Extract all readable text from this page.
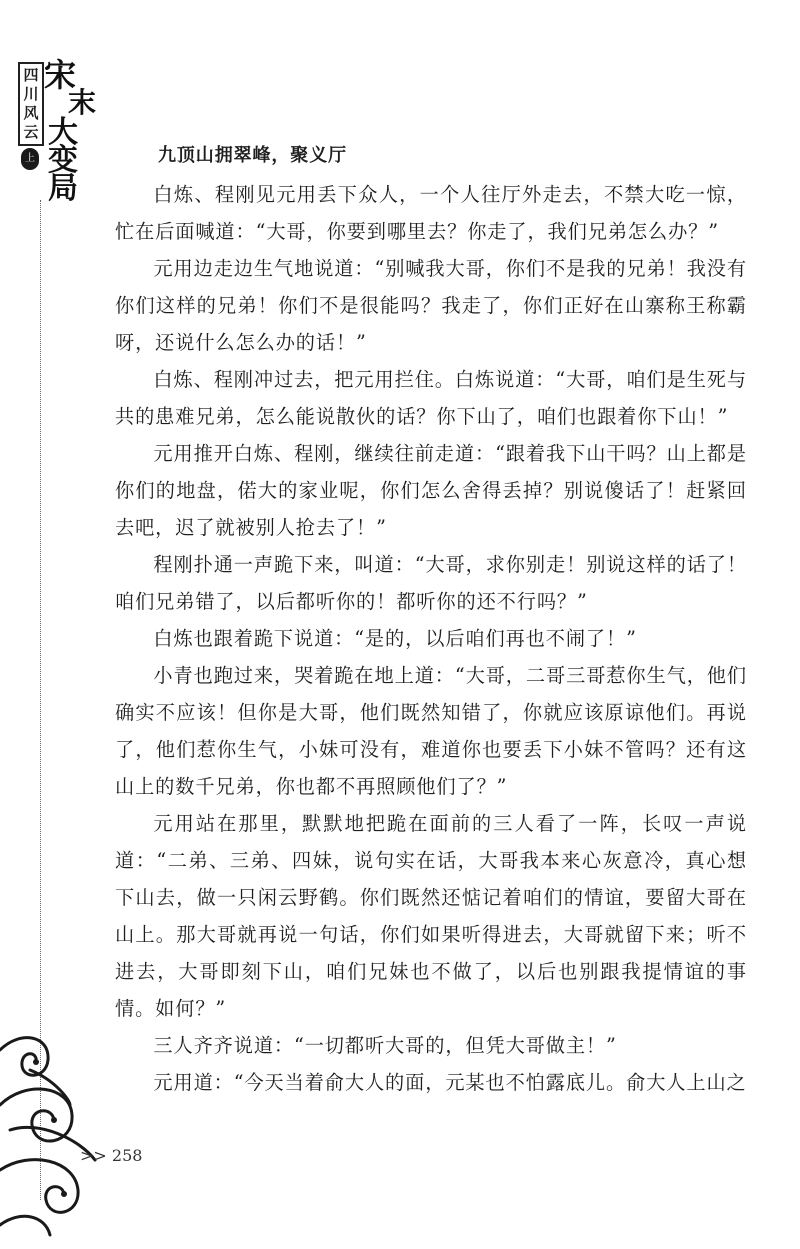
四
川
风
云
宋
末
大
变
局
上	九顶山拥翠峰，聚义厅

白炼、程刚见元用丢下众人，一个人往厅外走去，不禁大吃一惊，忙在后面喊道：“大哥，你要到哪里去？你走了，我们兄弟怎么办？”

元用边走边生气地说道：“别喊我大哥，你们不是我的兄弟！我没有你们这样的兄弟！你们不是很能吗？我走了，你们正好在山寨称王称霸呀，还说什么怎么办的话！”

白炼、程刚冲过去，把元用拦住。白炼说道：“大哥，咱们是生死与共的患难兄弟，怎么能说散伙的话？你下山了，咱们也跟着你下山！”

元用推开白炼、程刚，继续往前走道：“跟着我下山干吗？山上都是你们的地盘，偌大的家业呢，你们怎么舍得丢掉？别说傻话了！赶紧回去吧，迟了就被别人抢去了！”

程刚扑通一声跪下来，叫道：“大哥，求你别走！别说这样的话了！咱们兄弟错了，以后都听你的！都听你的还不行吗？”

白炼也跟着跪下说道：“是的，以后咱们再也不闹了！”

小青也跑过来，哭着跪在地上道：“大哥，二哥三哥惹你生气，他们确实不应该！但你是大哥，他们既然知错了，你就应该原谅他们。再说了，他们惹你生气，小妹可没有，难道你也要丢下小妹不管吗？还有这山上的数千兄弟，你也都不再照顾他们了？”

元用站在那里，默默地把跪在面前的三人看了一阵，长叹一声说道：“二弟、三弟、四妹，说句实在话，大哥我本来心灰意冷，真心想下山去，做一只闲云野鹤。你们既然还惦记着咱们的情谊，要留大哥在山上。那大哥就再说一句话，你们如果听得进去，大哥就留下来；听不进去，大哥即刻下山，咱们兄妹也不做了，以后也别跟我提情谊的事情。如何？”

三人齐齐说道：“一切都听大哥的，但凭大哥做主！”

元用道：“今天当着俞大人的面，元某也不怕露底儿。俞大人上山之

>> 258
